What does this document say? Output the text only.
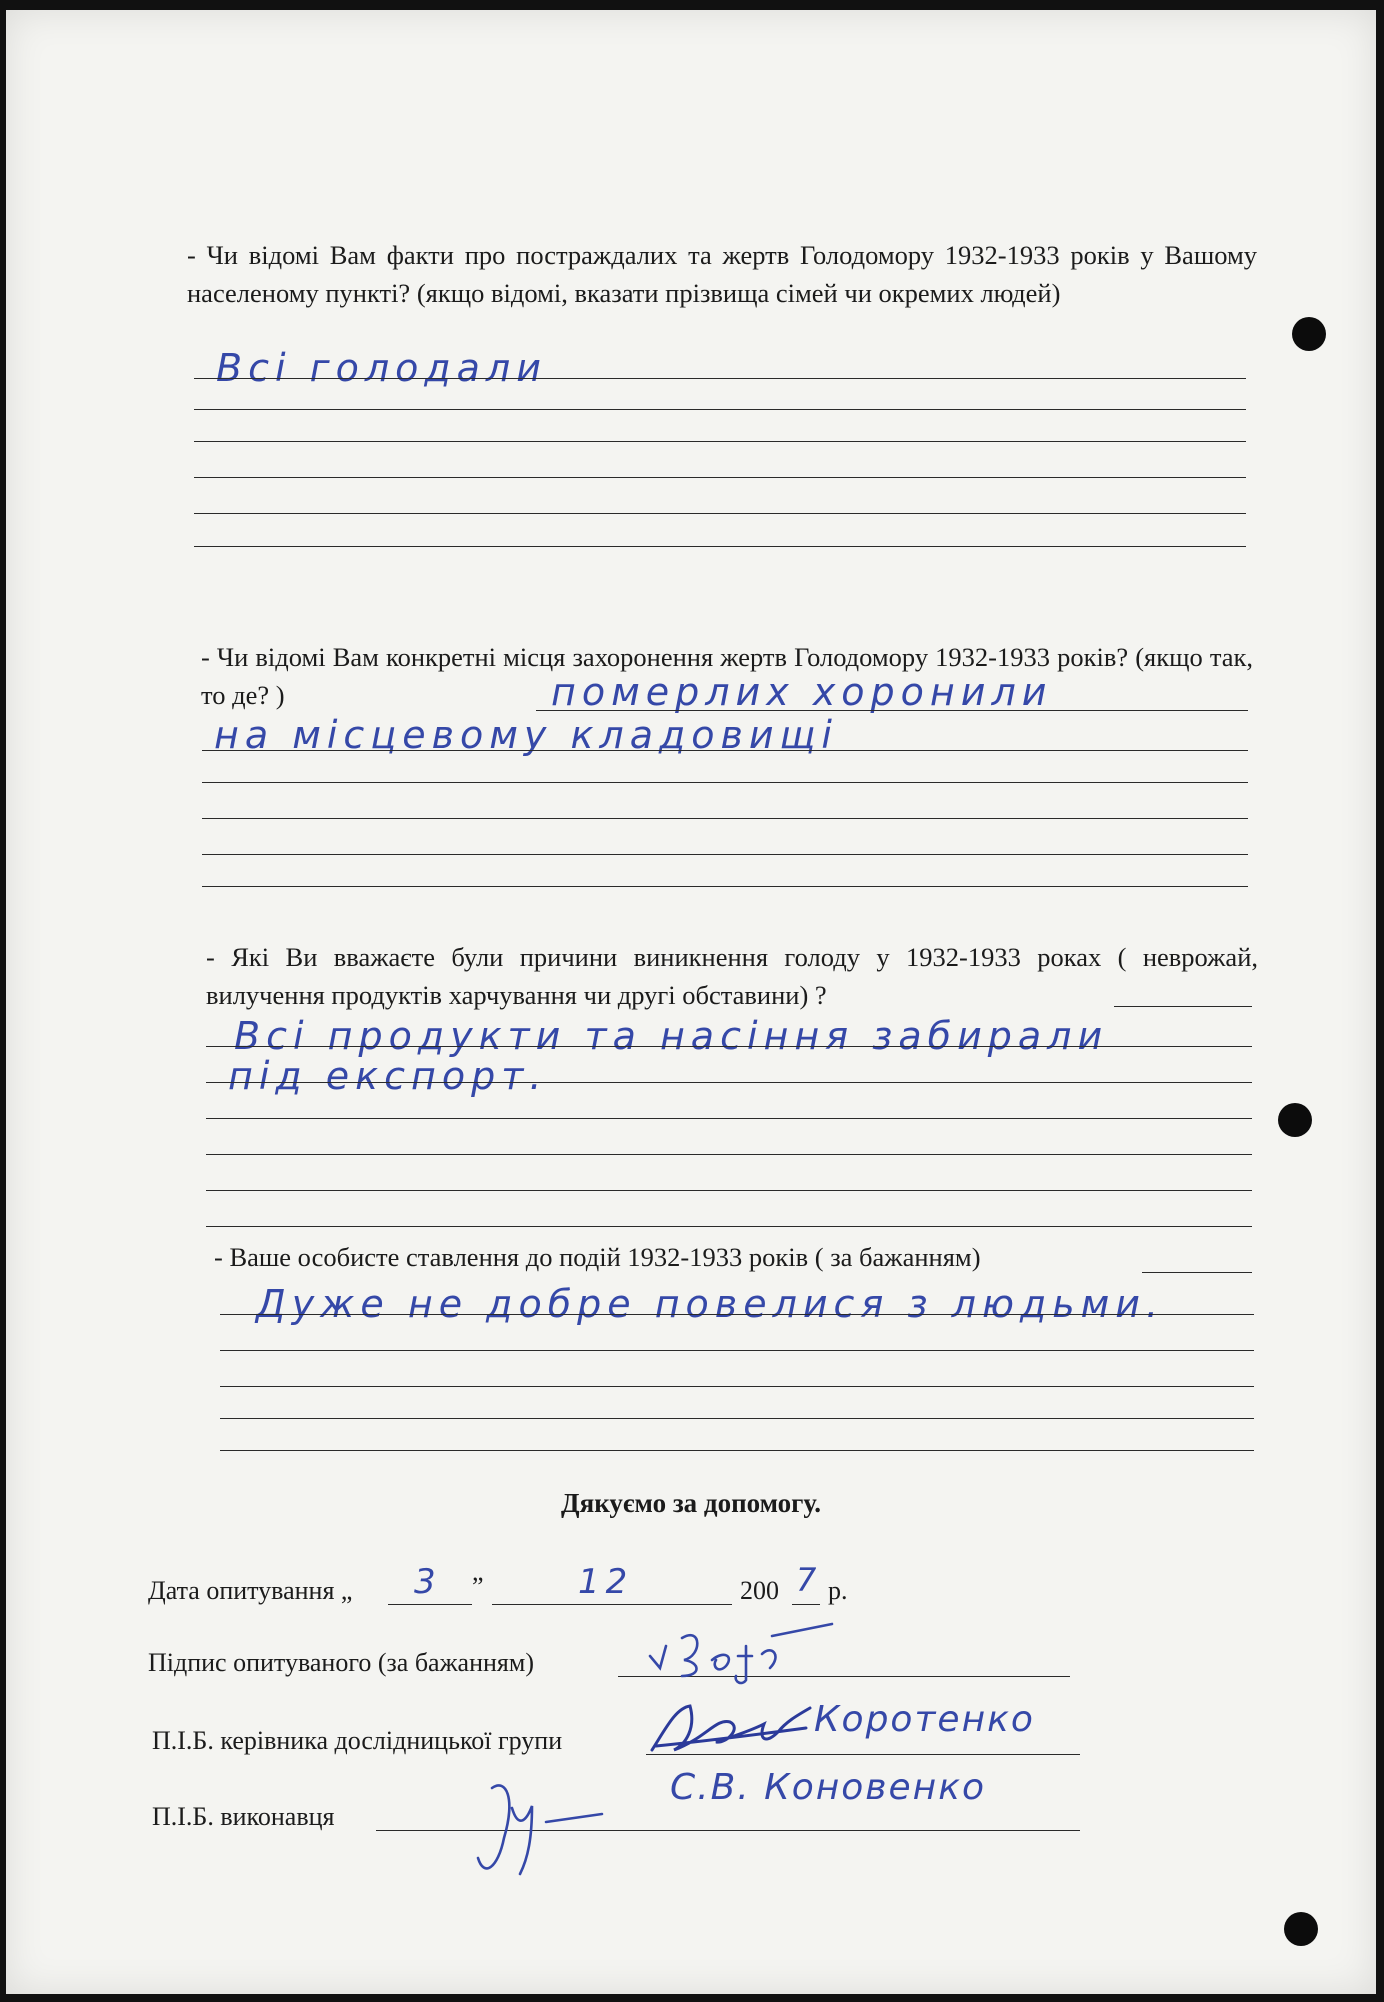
- Чи відомі Вам факти про постраждалих та жертв Голодомору 1932-1933 років у Вашому населеному пункті? (якщо відомі, вказати прізвища сімей чи окремих людей)
Всі голодали
- Чи відомі Вам конкретні місця захоронення жертв Голодомору 1932-1933 років? (якщо так, то де? )	померлих хоронили
на місцевому кладовищі
- Які Ви вважаєте були причини виникнення голоду у 1932-1933 роках ( неврожай, вилучення продуктів харчування чи другі обставини) ?
Всі продукти та насіння забирали
під експорт.
- Ваше особисте ставлення до подій 1932-1933 років ( за бажанням)
Дуже не добре повелися з людьми.
Дякуємо за допомогу.
Дата опитування „ 3 ”	12	200 7 р.
Підпис опитуваного (за бажанням)
П.І.Б. керівника дослідницької групи
Коротенко
П.І.Б. виконавця
С.В. Коновенко
